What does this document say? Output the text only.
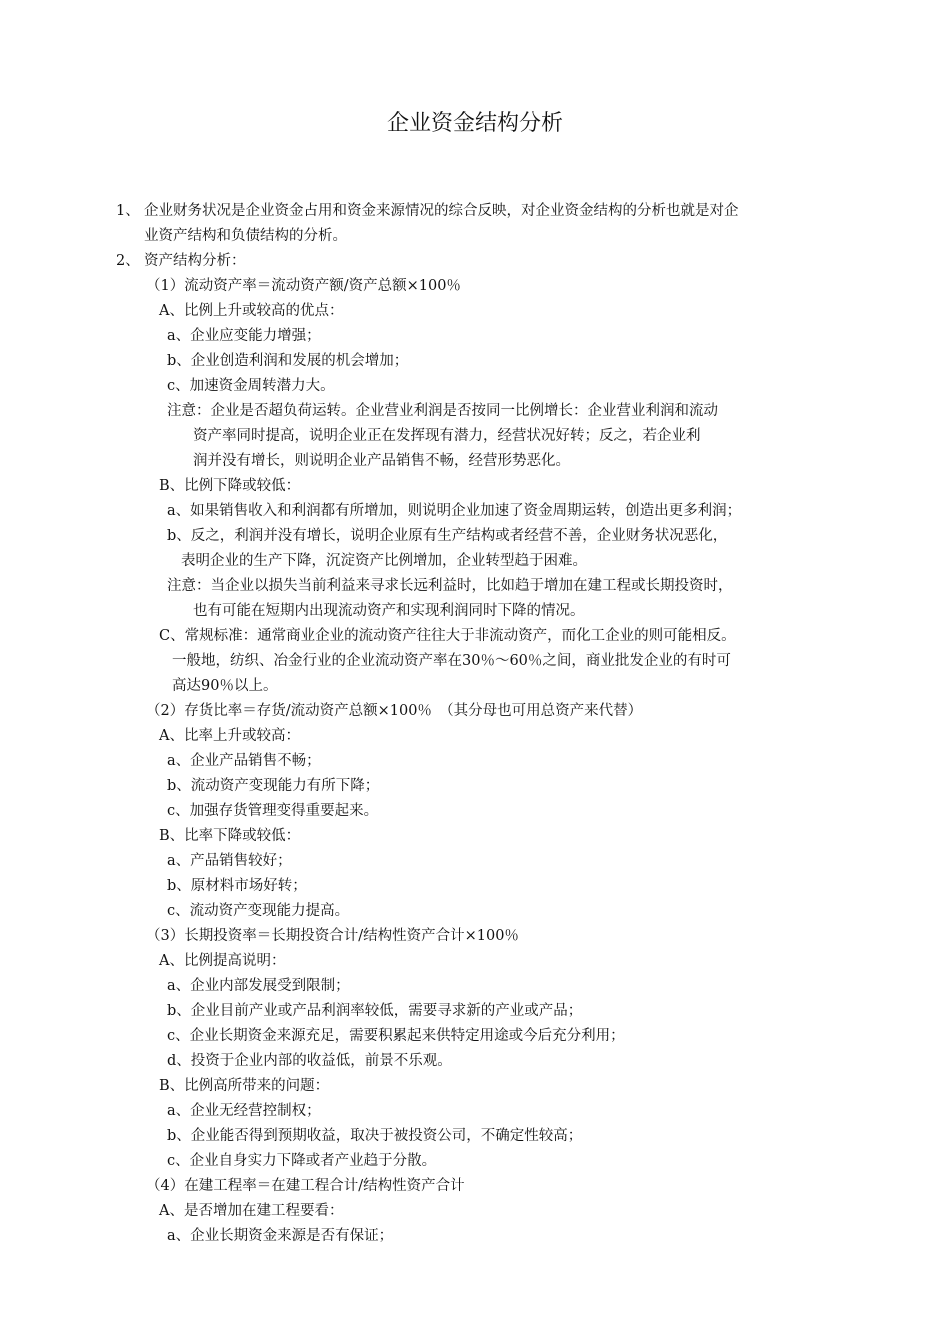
企业资金结构分析
1、 企业财务状况是企业资金占用和资金来源情况的综合反映，对企业资金结构的分析也就是对企
业资产结构和负债结构的分析。
2、 资产结构分析：
（1）流动资产率＝流动资产额/资产总额×100％
A、比例上升或较高的优点：
a、企业应变能力增强；
b、企业创造利润和发展的机会增加；
c、加速资金周转潜力大。
注意：企业是否超负荷运转。企业营业利润是否按同一比例增长：企业营业利润和流动
资产率同时提高，说明企业正在发挥现有潜力，经营状况好转；反之，若企业利
润并没有增长，则说明企业产品销售不畅，经营形势恶化。
B、比例下降或较低：
a、如果销售收入和利润都有所增加，则说明企业加速了资金周期运转，创造出更多利润；
b、反之，利润并没有增长，说明企业原有生产结构或者经营不善，企业财务状况恶化，
表明企业的生产下降，沉淀资产比例增加，企业转型趋于困难。
注意：当企业以损失当前利益来寻求长远利益时，比如趋于增加在建工程或长期投资时，
也有可能在短期内出现流动资产和实现利润同时下降的情况。
C、常规标准：通常商业企业的流动资产往往大于非流动资产，而化工企业的则可能相反。
一般地，纺织、冶金行业的企业流动资产率在30％～60％之间，商业批发企业的有时可
高达90％以上。
（2）存货比率＝存货/流动资产总额×100％　（其分母也可用总资产来代替）
A、比率上升或较高：
a、企业产品销售不畅；
b、流动资产变现能力有所下降；
c、加强存货管理变得重要起来。
B、比率下降或较低：
a、产品销售较好；
b、原材料市场好转；
c、流动资产变现能力提高。
（3）长期投资率＝长期投资合计/结构性资产合计×100％
A、比例提高说明：
a、企业内部发展受到限制；
b、企业目前产业或产品利润率较低，需要寻求新的产业或产品；
c、企业长期资金来源充足，需要积累起来供特定用途或今后充分利用；
d、投资于企业内部的收益低，前景不乐观。
B、比例高所带来的问题：
a、企业无经营控制权；
b、企业能否得到预期收益，取决于被投资公司，不确定性较高；
c、企业自身实力下降或者产业趋于分散。
（4）在建工程率＝在建工程合计/结构性资产合计
A、是否增加在建工程要看：
a、企业长期资金来源是否有保证；
